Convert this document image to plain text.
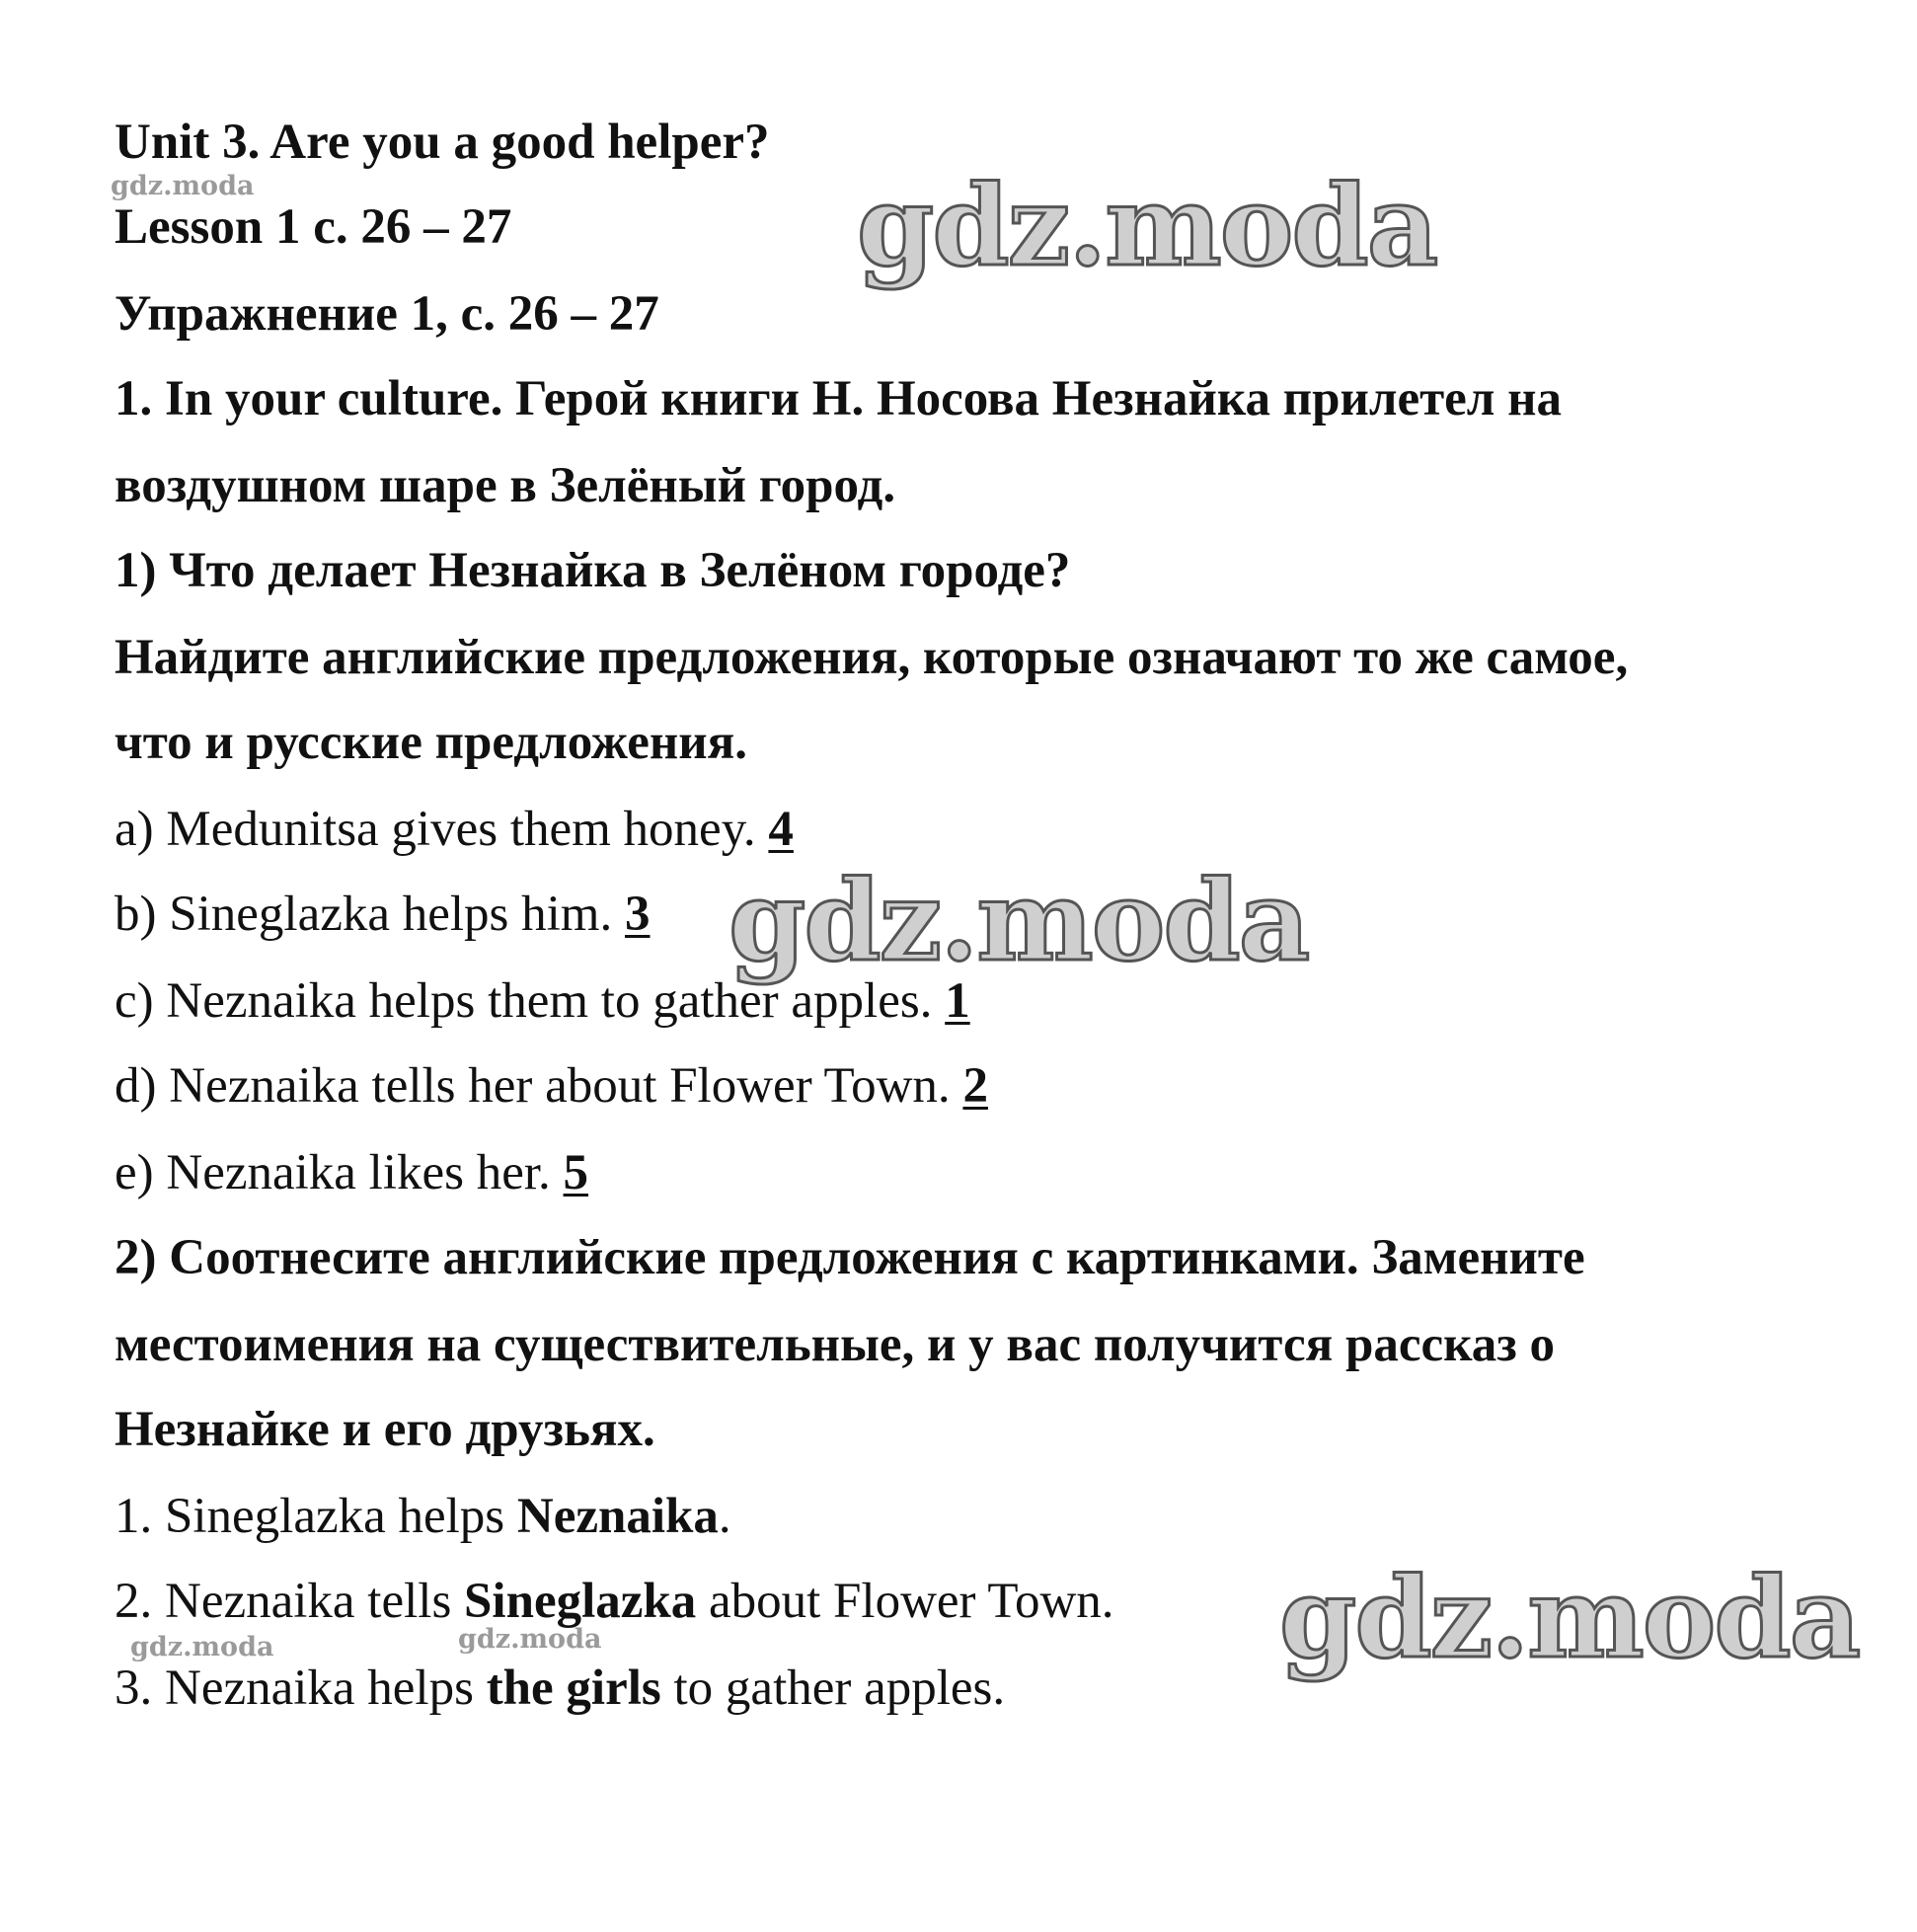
Unit 3. Are you a good helper?
Lesson 1 с. 26 – 27
Упражнение 1, с. 26 – 27
1. In your culture. Герой книги Н. Носова Незнайка прилетел на
воздушном шаре в Зелёный город.
1) Что делает Незнайка в Зелёном городе?
Найдите английские предложения, которые означают то же самое,
что и русские предложения.
a) Medunitsa gives them honey. 4
b) Sineglazka helps him. 3
c) Neznaika helps them to gather apples. 1
d) Neznaika tells her about Flower Town. 2
e) Neznaika likes her. 5
2) Соотнесите английские предложения с картинками. Замените
местоимения на существительные, и у вас получится рассказ о
Незнайке и его друзьях.
1. Sineglazka helps Neznaika.
2. Neznaika tells Sineglazka about Flower Town.
3. Neznaika helps the girls to gather apples.
gdz.moda	gdz.moda
gdz.moda
gdz.moda
gdz.moda	gdz.moda
